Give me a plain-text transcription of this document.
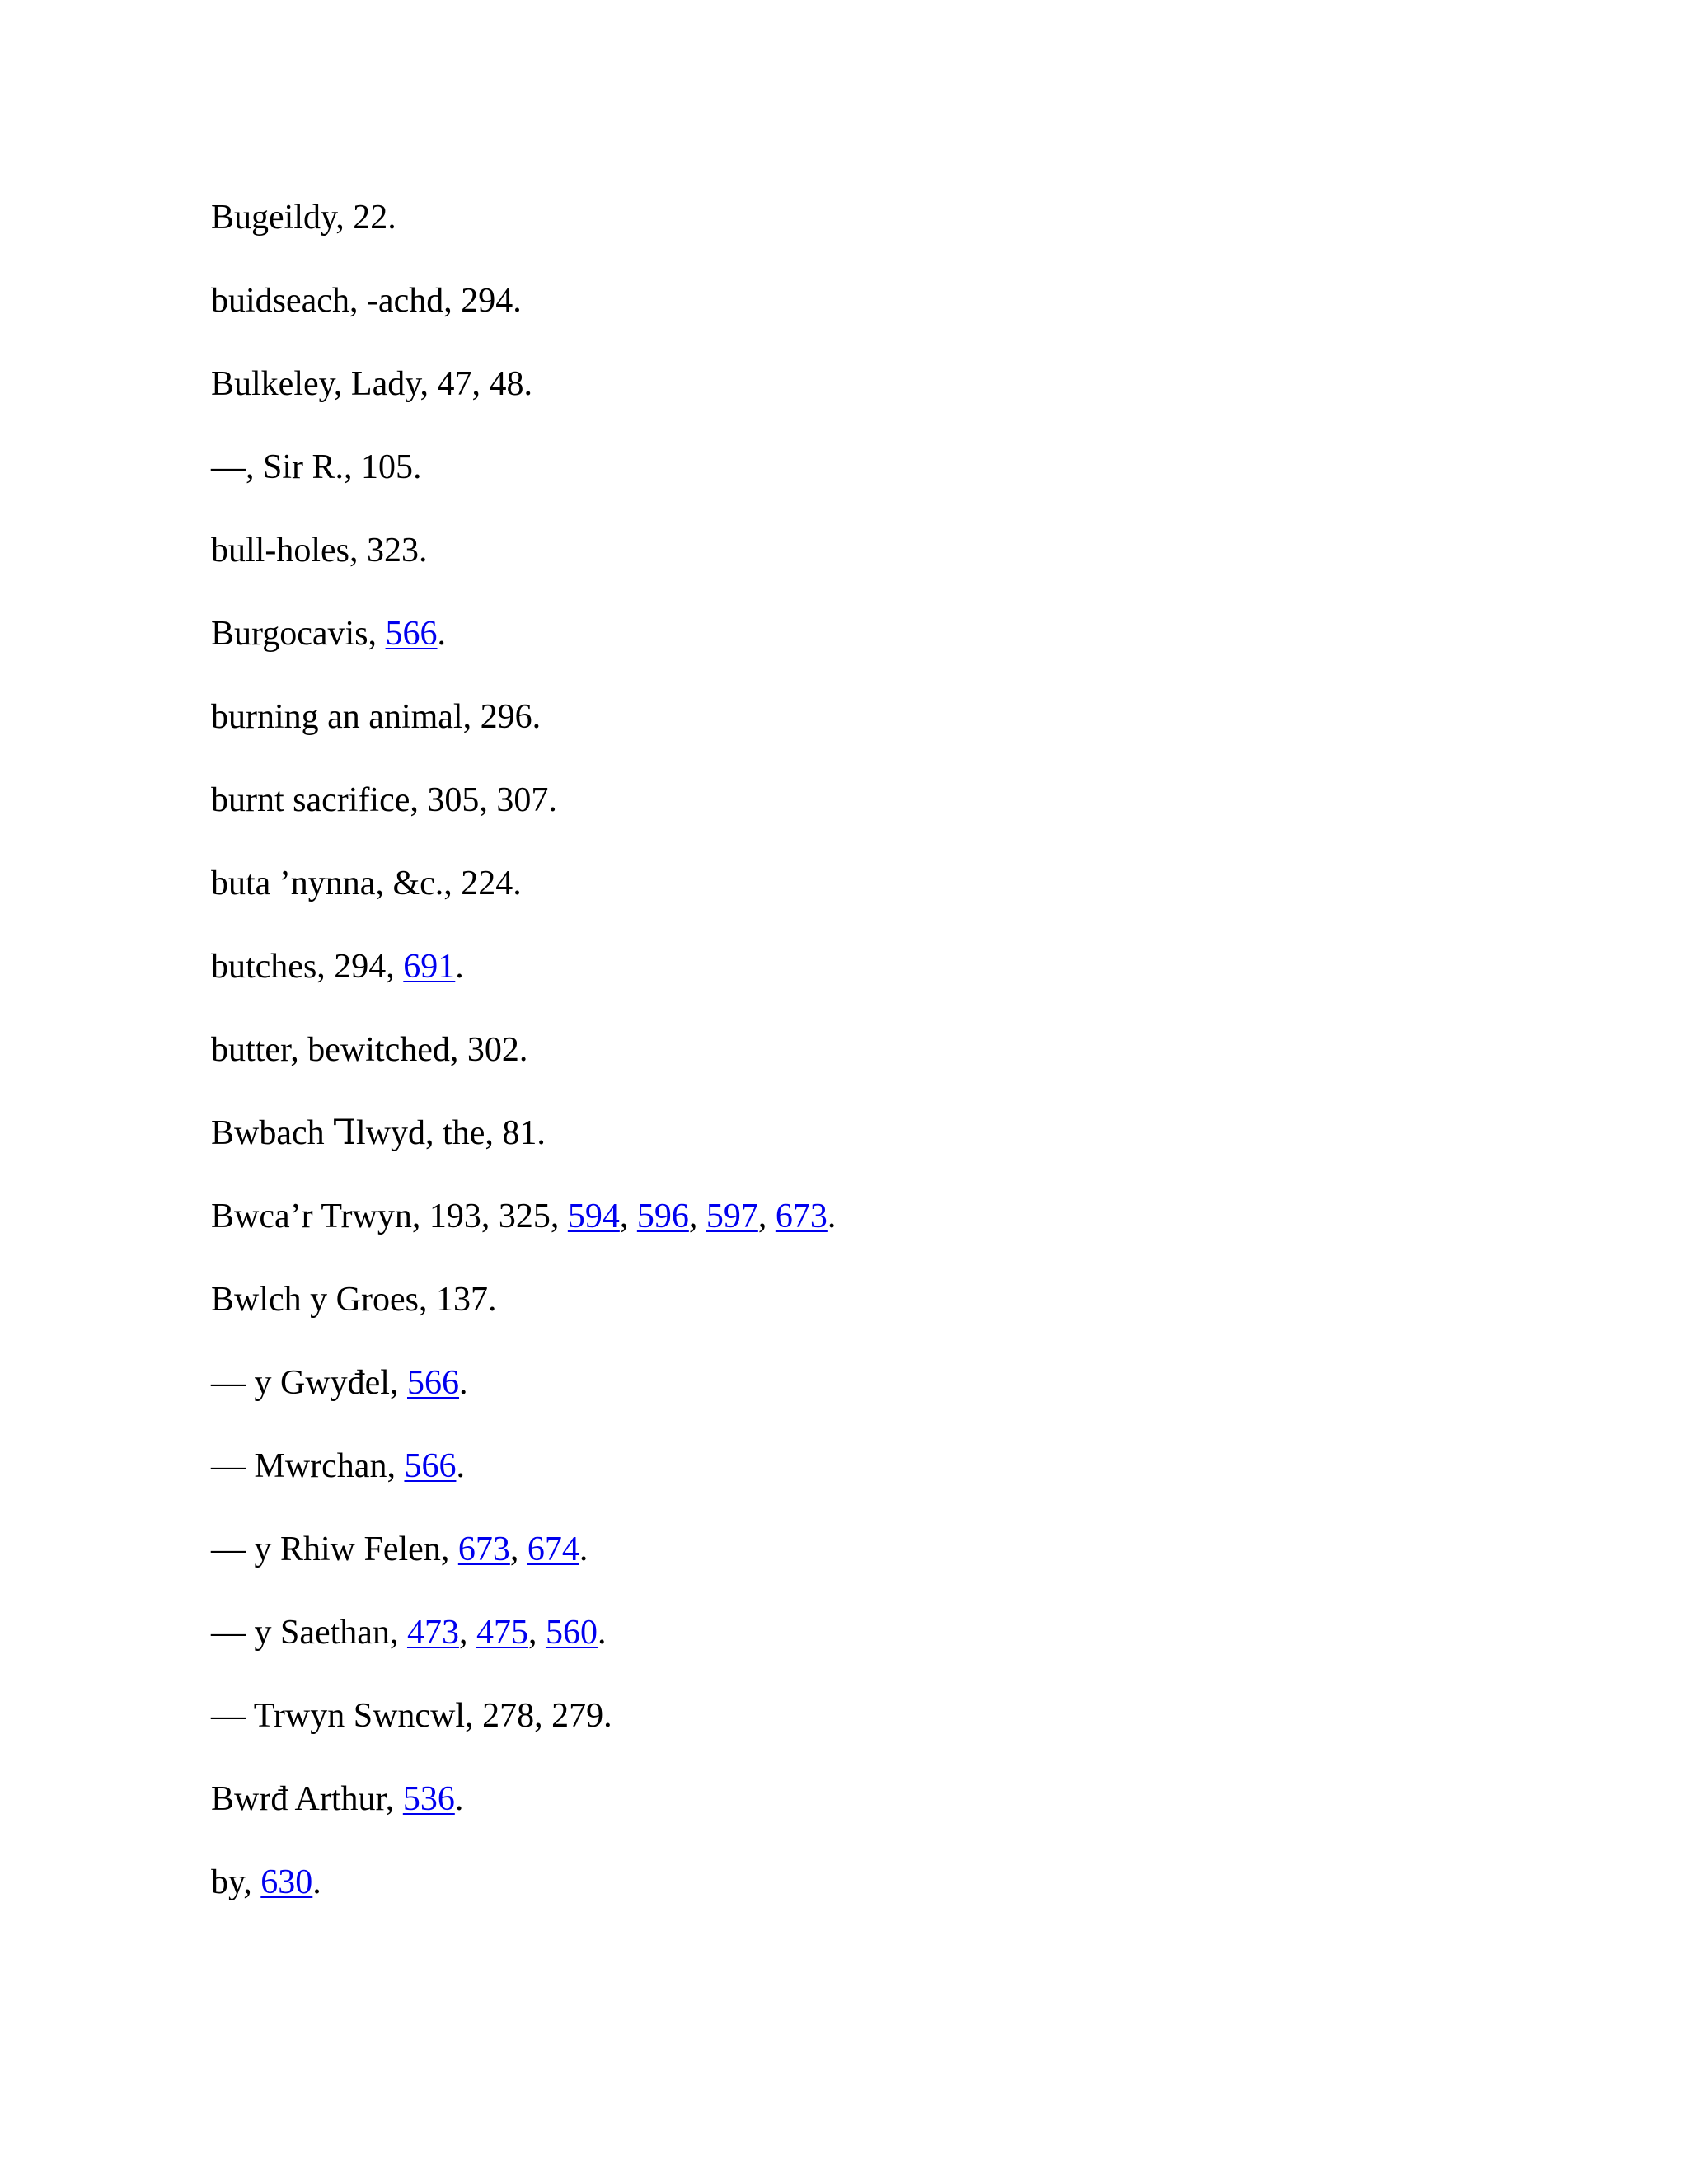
Bugeildy, 22.
buidseach, -achd, 294.
Bulkeley, Lady, 47, 48.
—, Sir R., 105.
bull-holes, 323.
Burgocavis, 566.
burning an animal, 296.
burnt sacrifice, 305, 307.
buta ’nynna, &c., 224.
butches, 294, 691.
butter, bewitched, 302.
Bwbach Ꞁlwyd, the, 81.
Bwca’r Trwyn, 193, 325, 594, 596, 597, 673.
Bwlch y Groes, 137.
— y Gwyđel, 566.
— Mwrchan, 566.
— y Rhiw Felen, 673, 674.
— y Saethan, 473, 475, 560.
— Trwyn Swncwl, 278, 279.
Bwrđ Arthur, 536.
by, 630.
